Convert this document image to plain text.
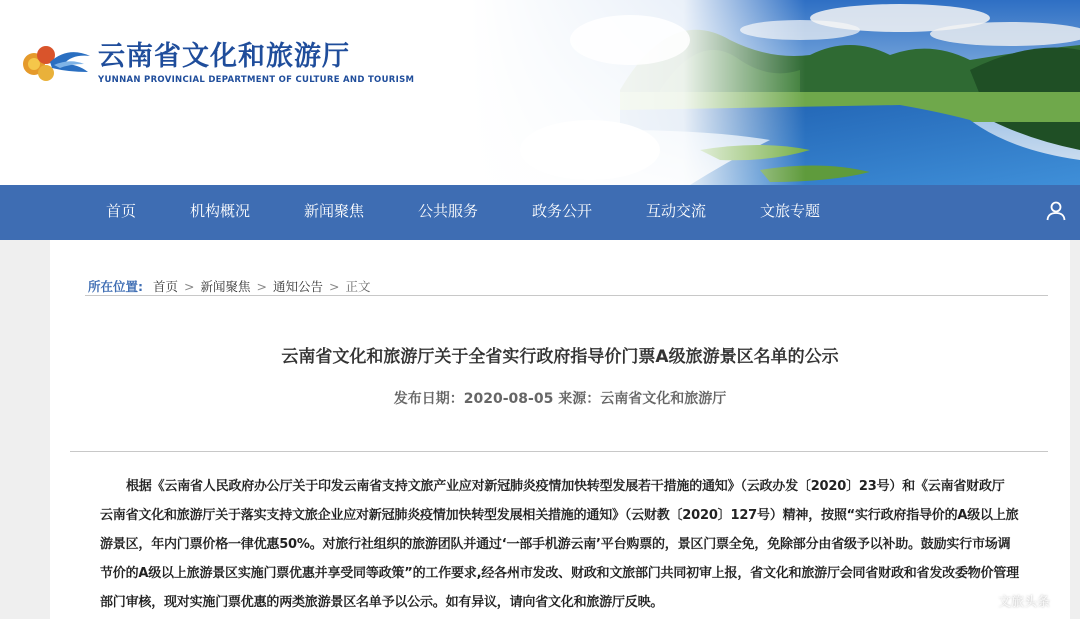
云南省文化和旅游厅
YUNNAN PROVINCIAL DEPARTMENT OF CULTURE AND TOURISM
首页	机构概况	新闻聚焦	公共服务	政务公开	互动交流	文旅专题
所在位置: 首页 > 新闻聚焦 > 通知公告 > 正文
云南省文化和旅游厅关于全省实行政府指导价门票A级旅游景区名单的公示
发布日期：2020-08-05 来源：云南省文化和旅游厅

根据《云南省人民政府办公厅关于印发云南省支持文旅产业应对新冠肺炎疫情加快转型发展若干措施的通知》（云政办发〔2020〕23号）和《云南省财政厅 云南省文化和旅游厅关于落实支持文旅企业应对新冠肺炎疫情加快转型发展相关措施的通知》（云财教〔2020〕127号）精神，按照“实行政府指导价的A级以上旅游景区，年内门票价格一律优惠50%。对旅行社组织的旅游团队并通过‘一部手机游云南’平台购票的，景区门票全免，免除部分由省级予以补助。鼓励实行市场调节价的A级以上旅游景区实施门票优惠并享受同等政策”的工作要求,经各州市发改、财政和文旅部门共同初审上报，省文化和旅游厅会同省财政和省发改委物价管理部门审核，现对实施门票优惠的两类旅游景区名单予以公示。如有异议，请向省文化和旅游厅反映。	文旅头条
